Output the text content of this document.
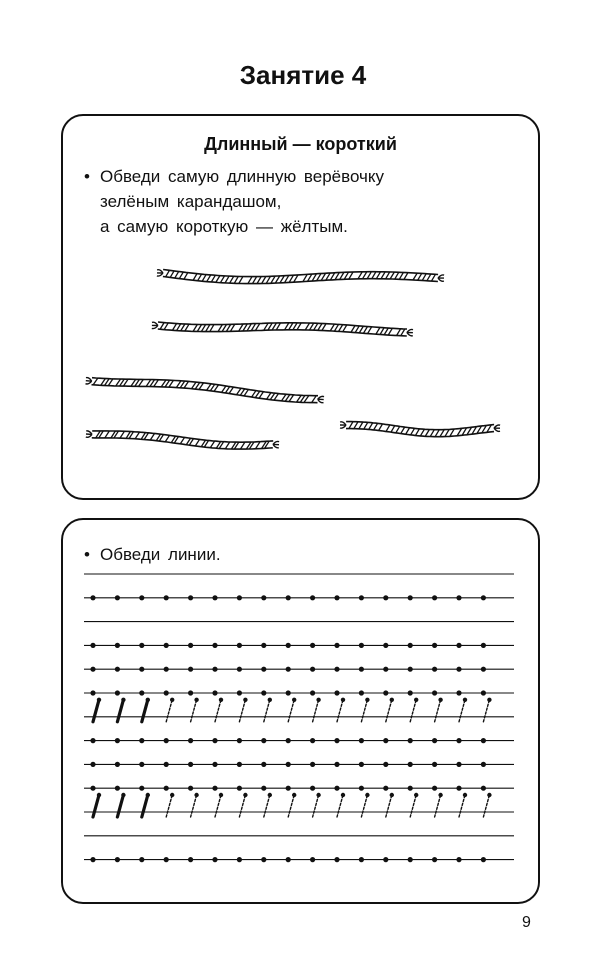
Занятие 4
Длинный — короткий
• Обведи самую длинную верёвочку
зелёным карандашом,
а самую короткую — жёлтым.
• Обведи линии.
9
